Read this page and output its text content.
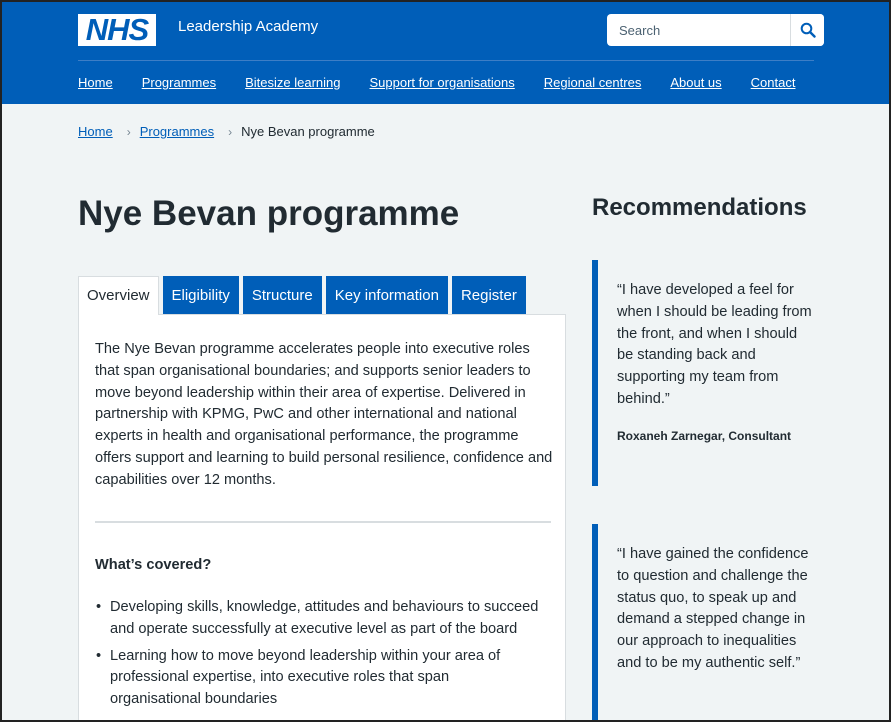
NHS	Leadership Academy
Search
Home Programmes Bitesize learning Support for organisations Regional centres About us Contact
Home › Programmes › Nye Bevan programme
Nye Bevan programme
Overview	Eligibility	Structure	Key information	Register

The Nye Bevan programme accelerates people into executive roles that span organisational boundaries; and supports senior leaders to move beyond leadership within their area of expertise. Delivered in partnership with KPMG, PwC and other international and national experts in health and organisational performance, the programme offers support and learning to build personal resilience, confidence and capabilities over 12 months.

What’s covered?
• Developing skills, knowledge, attitudes and behaviours to succeed and operate successfully at executive level as part of the board
• Learning how to move beyond leadership within your area of professional expertise, into executive roles that span organisational boundaries
Recommendations

“I have developed a feel for when I should be leading from the front, and when I should be standing back and supporting my team from behind.”

Roxaneh Zarnegar, Consultant

“I have gained the confidence to question and challenge the status quo, to speak up and demand a stepped change in our approach to inequalities and to be my authentic self.”
